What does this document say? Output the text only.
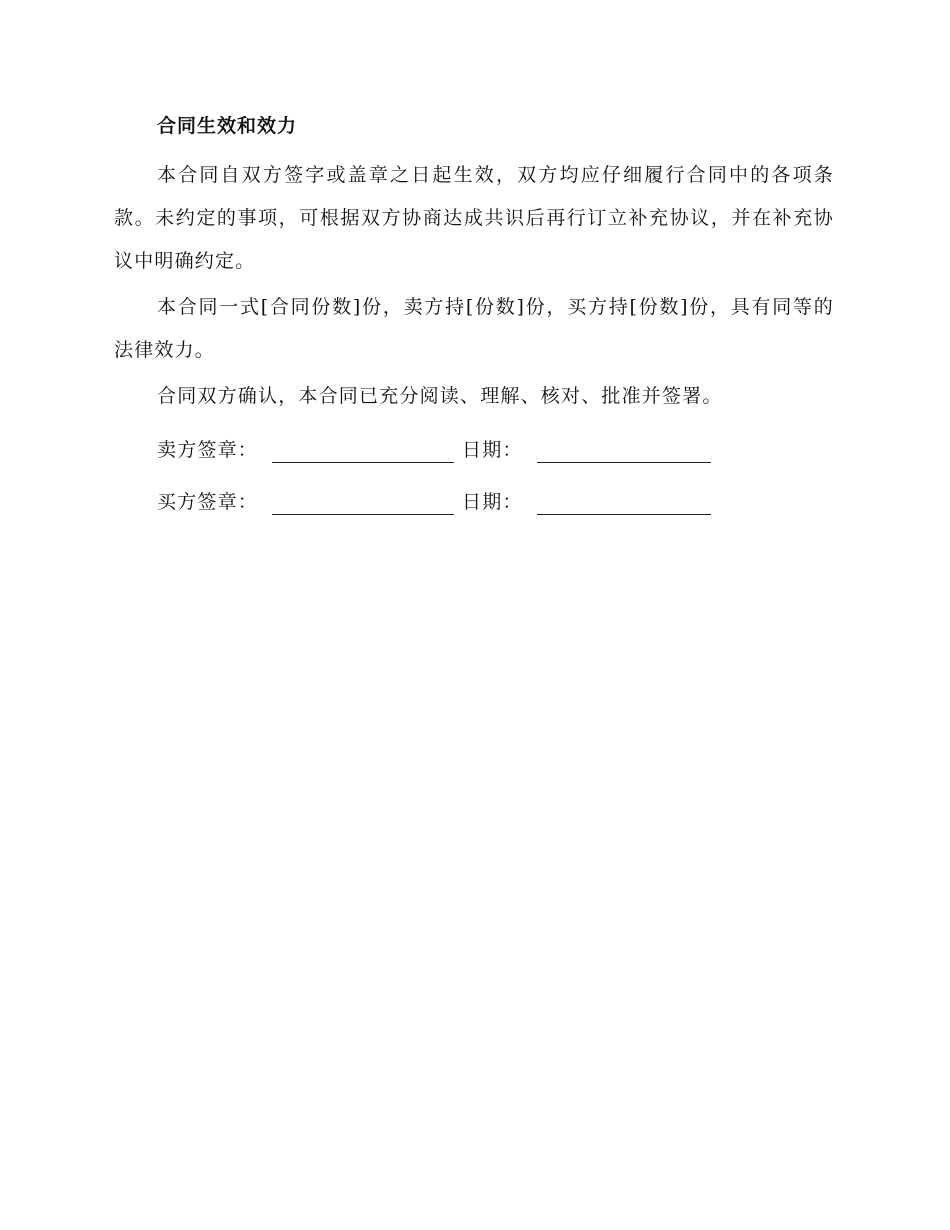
合同生效和效力

本合同自双方签字或盖章之日起生效，双方均应仔细履行合同中的各项条款。未约定的事项，可根据双方协商达成共识后再行订立补充协议，并在补充协议中明确约定。

本合同一式[合同份数]份，卖方持[份数]份，买方持[份数]份，具有同等的法律效力。

合同双方确认，本合同已充分阅读、理解、核对、批准并签署。

卖方签章：	日期：
买方签章：	日期：
